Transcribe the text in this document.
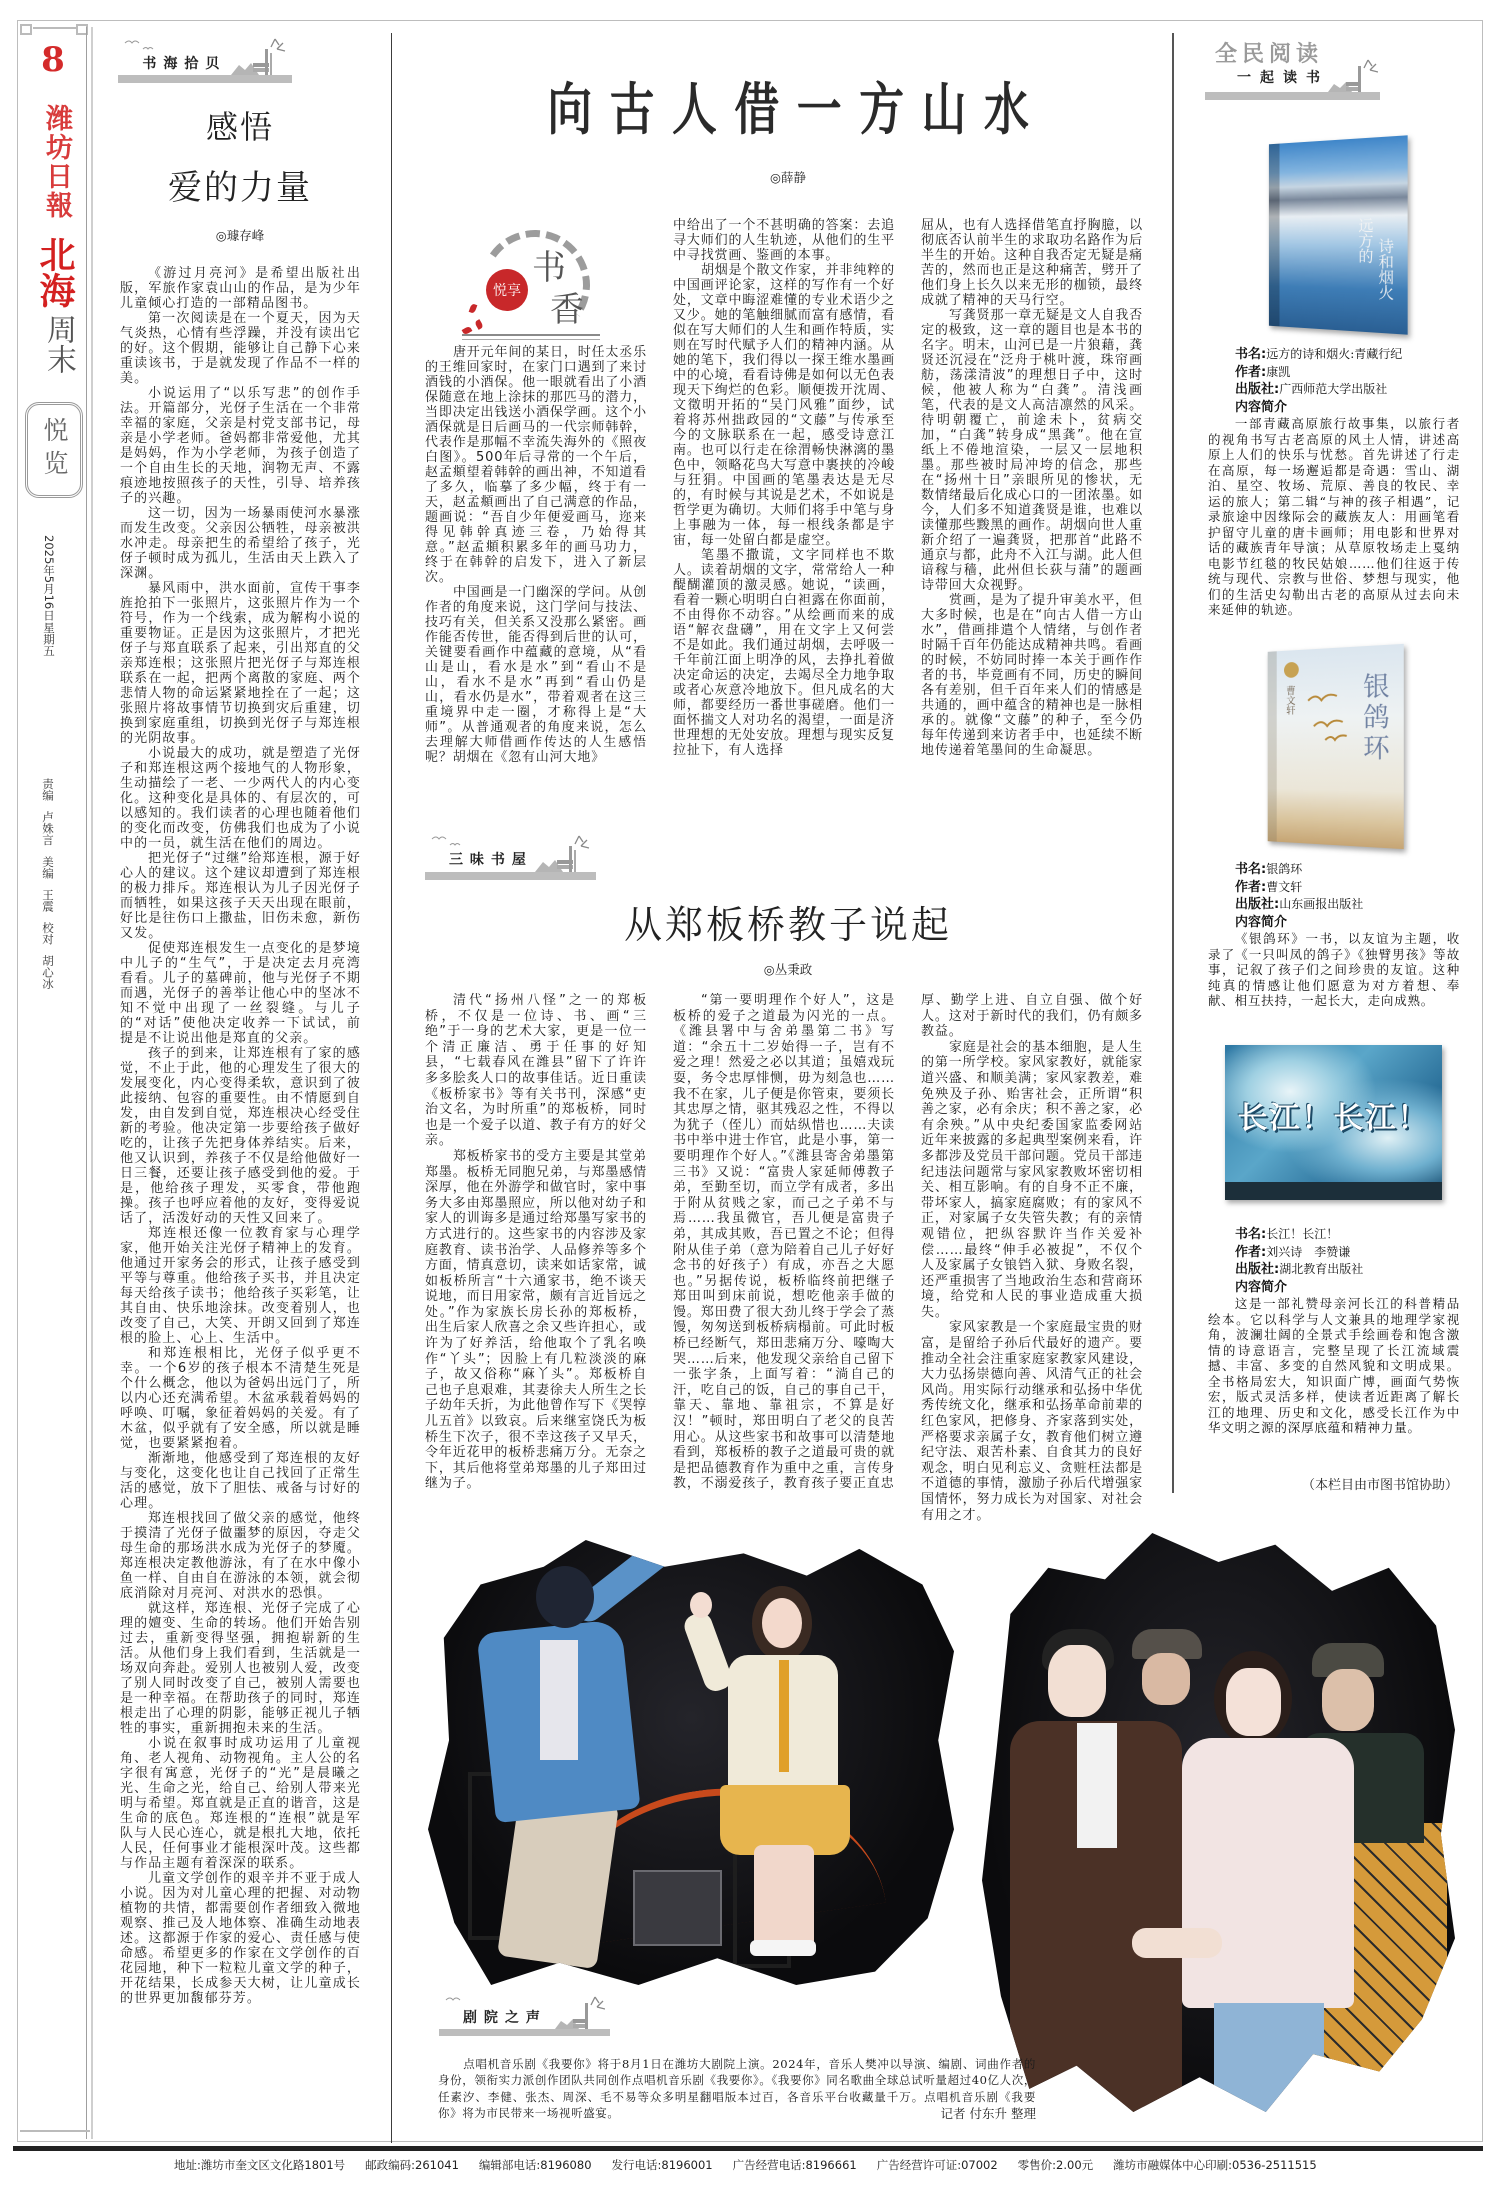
8
潍坊日報
北海
周末
悦览
2025年5月16日
星期五
责编
卢姝言
美编
王震
校对
胡心冰
书海拾贝
感悟
爱的力量
◎璩存峰

《游过月亮河》是希望出版社出版，军旅作家袁山山的作品，是为少年儿童倾心打造的一部精品图书。

第一次阅读是在一个夏天，因为天气炎热，心情有些浮躁，并没有读出它的好。这个假期，能够让自己静下心来重读该书，于是就发现了作品不一样的美。

小说运用了“以乐写悲”的创作手法。开篇部分，光伢子生活在一个非常幸福的家庭，父亲是村党支部书记，母亲是小学老师。爸妈都非常爱他，尤其是妈妈，作为小学老师，为孩子创造了一个自由生长的天地，润物无声、不露痕迹地按照孩子的天性，引导、培养孩子的兴趣。

这一切，因为一场暴雨使河水暴涨而发生改变。父亲因公牺牲，母亲被洪水冲走。母亲把生的希望给了孩子，光伢子顿时成为孤儿，生活由天上跌入了深渊。

暴风雨中，洪水面前，宣传干事李旌抢拍下一张照片，这张照片作为一个符号，作为一个线索，成为解构小说的重要物证。正是因为这张照片，才把光伢子与郑直联系了起来，引出郑直的父亲郑连根；这张照片把光伢子与郑连根联系在一起，把两个离散的家庭、两个悲情人物的命运紧紧地拴在了一起；这张照片将故事情节切换到灾后重建，切换到家庭重组，切换到光伢子与郑连根的光阴故事。

小说最大的成功，就是塑造了光伢子和郑连根这两个接地气的人物形象，生动描绘了一老、一少两代人的内心变化。这种变化是具体的、有层次的，可以感知的。我们读者的心理也随着他们的变化而改变，仿佛我们也成为了小说中的一员，就生活在他们的周边。

把光伢子“过继”给郑连根，源于好心人的建议。这个建议却遭到了郑连根的极力排斥。郑连根认为儿子因光伢子而牺牲，如果这孩子天天出现在眼前，好比是往伤口上撒盐，旧伤未愈，新伤又发。

促使郑连根发生一点变化的是梦境中儿子的“生气”，于是决定去月亮湾看看。儿子的墓碑前，他与光伢子不期而遇，光伢子的善举让他心中的坚冰不知不觉中出现了一丝裂缝。与儿子的“对话”使他决定收养一下试试，前提是不让说出他是郑直的父亲。

孩子的到来，让郑连根有了家的感觉，不止于此，他的心理发生了很大的发展变化，内心变得柔软，意识到了彼此接纳、包容的重要性。由不情愿到自发，由自发到自觉，郑连根决心经受住新的考验。他决定第一步要给孩子做好吃的，让孩子先把身体养结实。后来，他又认识到，养孩子不仅是给他做好一日三餐，还要让孩子感受到他的爱。于是，他给孩子理发，买零食，带他跑操。孩子也呼应着他的友好，变得爱说话了，活泼好动的天性又回来了。

郑连根还像一位教育家与心理学家，他开始关注光伢子精神上的发育。他通过开家务会的形式，让孩子感受到平等与尊重。他给孩子买书，并且决定每天给孩子读书；他给孩子买彩笔，让其自由、快乐地涂抹。改变着别人，也改变了自己，大笑、开朗又回到了郑连根的脸上、心上、生活中。

和郑连根相比，光伢子似乎更不幸。一个6岁的孩子根本不清楚生死是个什么概念，他以为爸妈出远门了，所以内心还充满希望。木盆承载着妈妈的呼唤、叮嘱，象征着妈妈的关爱。有了木盆，似乎就有了安全感，所以就是睡觉，也要紧紧抱着。

渐渐地，他感受到了郑连根的友好与变化，这变化也让自己找回了正常生活的感觉，放下了胆怯、戒备与讨好的心理。

郑连根找回了做父亲的感觉，他终于摸清了光伢子做噩梦的原因，夺走父母生命的那场洪水成为光伢子的梦魇。郑连根决定教他游泳，有了在水中像小鱼一样、自由自在游泳的本领，就会彻底消除对月亮河、对洪水的恐惧。

就这样，郑连根、光伢子完成了心理的嬗变、生命的转场。他们开始告别过去，重新变得坚强，拥抱崭新的生活。从他们身上我们看到，生活就是一场双向奔赴。爱别人也被别人爱，改变了别人同时改变了自己，被别人需要也是一种幸福。在帮助孩子的同时，郑连根走出了心理的阴影，能够正视儿子牺牲的事实，重新拥抱未来的生活。

小说在叙事时成功运用了儿童视角、老人视角、动物视角。主人公的名字很有寓意，光伢子的“光”是晨曦之光、生命之光，给自己、给别人带来光明与希望。郑直就是正直的谐音，这是生命的底色。郑连根的“连根”就是军队与人民心连心，就是根扎大地，依托人民，任何事业才能根深叶茂。这些都与作品主题有着深深的联系。

儿童文学创作的艰辛并不亚于成人小说。因为对儿童心理的把握、对动物植物的共情，都需要创作者细致入微地观察、推己及人地体察、准确生动地表述。这都源于作家的爱心、责任感与使命感。希望更多的作家在文学创作的百花园地，种下一粒粒儿童文学的种子，开花结果，长成参天大树，让儿童成长的世界更加馥郁芬芳。

向古人借一方山水
◎薛静
悦享
书
香

唐开元年间的某日，时任太丞乐的王维回家时，在家门口遇到了来讨酒钱的小酒保。他一眼就看出了小酒保随意在地上涂抹的那匹马的潜力，当即决定出钱送小酒保学画。这个小酒保就是日后画马的一代宗师韩幹，代表作是那幅不幸流失海外的《照夜白图》。500年后寻常的一个午后，赵孟頫望着韩幹的画出神，不知道看了多久，临摹了多少幅，终于有一天，赵孟頫画出了自己满意的作品，题画说：“吾自少年便爱画马，迩来得见韩幹真迹三卷，乃始得其意。”赵孟頫积累多年的画马功力，终于在韩幹的启发下，进入了新层次。

中国画是一门幽深的学问。从创作者的角度来说，这门学问与技法、技巧有关，但关系又没那么紧密。画作能否传世，能否得到后世的认可，关键要看画作中蕴藏的意境，从“看山是山，看水是水”到“看山不是山，看水不是水”再到“看山仍是山，看水仍是水”，带着观者在这三重境界中走一圈，才称得上是“大师”。从普通观者的角度来说，怎么去理解大师借画作传达的人生感悟呢？胡烟在《忽有山河大地》

中给出了一个不甚明确的答案：去追寻大师们的人生轨迹，从他们的生平中寻找赏画、鉴画的本事。

胡烟是个散文作家，并非纯粹的中国画评论家，这样的写作有一个好处，文章中晦涩难懂的专业术语少之又少。她的笔触细腻而富有感情，看似在写大师们的人生和画作特质，实则在写时代赋予人们的精神内涵。从她的笔下，我们得以一探王维水墨画中的心境，看看诗佛是如何以无色表现天下绚烂的色彩。顺便拨开沈周、文徵明开拓的“吴门风雅”面纱，试着将苏州拙政园的“文藤”与传承至今的文脉联系在一起，感受诗意江南。也可以行走在徐渭畅快淋漓的墨色中，领略花鸟大写意中裹挟的冷峻与狂狷。中国画的笔墨表达是无尽的，有时候与其说是艺术，不如说是哲学更为确切。大师们将手中笔与身上事融为一体，每一根线条都是宇宙，每一处留白都是虚空。

笔墨不撒谎，文字同样也不欺人。读着胡烟的文字，常常给人一种醍醐灌顶的激灵感。她说，“读画，看着一颗心明明白白袒露在你面前，不由得你不动容。”从绘画而来的成语“解衣盘礴”，用在文字上又何尝不是如此。我们通过胡烟，去呼吸一千年前江面上明净的风，去挣扎着做决定命运的决定，去竭尽全力地争取或者心灰意冷地放下。但凡成名的大师，都要经历一番世事磋磨。他们一面怀揣文人对功名的渴望，一面是济世理想的无处安放。理想与现实反复拉扯下，有人选择

屈从，也有人选择借笔直抒胸臆，以彻底否认前半生的求取功名路作为后半生的开始。这种自我否定无疑是痛苦的，然而也正是这种痛苦，劈开了他们身上长久以来无形的枷锁，最终成就了精神的天马行空。

写龚贤那一章无疑是文人自我否定的极致，这一章的题目也是本书的名字。明末，山河已是一片狼藉，龚贤还沉浸在“泛舟于桃叶渡，珠帘画舫，荡漾清波”的理想日子中，这时候，他被人称为“白龚”。清浅画笔，代表的是文人高洁凛然的风采。待明朝覆亡，前途未卜，贫病交加，“白龚”转身成“黑龚”。他在宣纸上不倦地渲染，一层又一层地积墨。那些被时局冲垮的信念，那些在“扬州十日”亲眼所见的惨状，无数情绪最后化成心口的一团浓墨。如今，人们多不知道龚贤是谁，也难以读懂那些黢黑的画作。胡烟向世人重新介绍了一遍龚贤，把那首“此路不通京与都，此舟不入江与湖。此人但谙稼与穑，此州但长荻与蒲”的题画诗带回大众视野。

赏画，是为了提升审美水平，但大多时候，也是在“向古人借一方山水”，借画排遣个人情绪，与创作者时隔千百年仍能达成精神共鸣。看画的时候，不妨同时捧一本关于画作作者的书，毕竟画有不同，历史的瞬间各有差别，但千百年来人们的情感是共通的，画中蕴含的精神也是一脉相承的。就像“文藤”的种子，至今仍每年传递到来访者手中，也延续不断地传递着笔墨间的生命凝思。

三味书屋
从郑板桥教子说起
◎丛秉政

清代“扬州八怪”之一的郑板桥，不仅是一位诗、书、画“三绝”于一身的艺术大家，更是一位一个清正廉洁、勇于任事的好知县，“七载春风在潍县”留下了许许多多脍炙人口的故事佳话。近日重读《板桥家书》等有关书刊，深感“吏治文名，为时所重”的郑板桥，同时也是一个爱子以道、教子有方的好父亲。

郑板桥家书的受方主要是其堂弟郑墨。板桥无同胞兄弟，与郑墨感情深厚，他在外游学和做官时，家中事务大多由郑墨照应，所以他对幼子和家人的训诲多是通过给郑墨写家书的方式进行的。这些家书的内容涉及家庭教育、读书治学、人品修养等多个方面，情真意切，读来如话家常，诚如板桥所言“十六通家书，绝不谈天说地，而日用家常，颇有言近旨远之处。”作为家族长房长孙的郑板桥，出生后家人欣喜之余又些许担心，或许为了好养活，给他取个了乳名唤作“丫头”；因脸上有几粒淡淡的麻子，故又俗称“麻丫头”。郑板桥自己也子息艰难，其妻徐夫人所生之长子幼年夭折，为此他曾作写下《哭犉儿五首》以致哀。后来继室饶氏为板桥生下次子，很不幸这孩子又早夭，令年近花甲的板桥悲痛万分。无奈之下，其后他将堂弟郑墨的儿子郑田过继为子。

“第一要明理作个好人”，这是板桥的爱子之道最为闪光的一点。《潍县署中与舍弟墨第二书》写道：“余五十二岁始得一子，岂有不爱之理！然爱之必以其道；虽嬉戏玩耍，务令忠厚悱恻，毋为刻急也……我不在家，儿子便是你管束，要须长其忠厚之情，驱其残忍之性，不得以为犹子（侄儿）而姑纵惜也……夫读书中举中进士作官，此是小事，第一要明理作个好人。”《潍县寄舍弟墨第三书》又说：“富贵人家延师傅教子弟，至勤至切，而立学有成者，多出于附从贫贱之家，而己之子弟不与焉……我虽微官，吾儿便是富贵子弟，其成其败，吾已置之不论；但得附从佳子弟（意为陪着自己儿子好好念书的好孩子）有成，亦吾之大愿也。”另据传说，板桥临终前把继子郑田叫到床前说，想吃他亲手做的馒。郑田费了很大劲儿终于学会了蒸馒，匆匆送到板桥病榻前。可此时板桥已经断气，郑田悲痛万分、嚎啕大哭……后来，他发现父亲给自己留下一张字条，上面写着：“淌自己的汗，吃自己的饭，自己的事自己干，靠天、靠地、靠祖宗，不算是好汉！”顿时，郑田明白了老父的良苦用心。从这些家书和故事可以清楚地看到，郑板桥的教子之道最可贵的就是把品德教育作为重中之重，言传身教，不溺爱孩子，教育孩子要正直忠

厚、勤学上进、自立自强、做个好人。这对于新时代的我们，仍有颇多教益。

家庭是社会的基本细胞，是人生的第一所学校。家风家教好，就能家道兴盛、和顺美满；家风家教差，难免殃及子孙、贻害社会，正所谓“积善之家，必有余庆；积不善之家，必有余殃。”从中央纪委国家监委网站近年来披露的多起典型案例来看，许多都涉及党员干部问题。党员干部违纪违法问题常与家风家教败坏密切相关、相互影响。有的自身不正不廉，带坏家人，搞家庭腐败；有的家风不正，对家属子女失管失教；有的亲情观错位，把纵容默许当作关爱补偿……最终“伸手必被捉”，不仅个人及家属子女锒铛入狱、身败名裂，还严重损害了当地政治生态和营商环境，给党和人民的事业造成重大损失。

家风家教是一个家庭最宝贵的财富，是留给子孙后代最好的遗产。要推动全社会注重家庭家教家风建设，大力弘扬崇德向善、风清气正的社会风尚。用实际行动继承和弘扬中华优秀传统文化，继承和弘扬革命前辈的红色家风，把修身、齐家落到实处，严格要求亲属子女，教育他们树立遵纪守法、艰苦朴素、自食其力的良好观念，明白见利忘义、贪赃枉法都是不道德的事情，激励子孙后代增强家国情怀，努力成长为对国家、对社会有用之才。

全民阅读
一起读书
远方的 诗和烟火
书名:远方的诗和烟火:青藏行纪
作者:康凯
出版社:广西师范大学出版社
内容简介

一部青藏高原旅行故事集，以旅行者的视角书写古老高原的风土人情，讲述高原上人们的快乐与忧愁。首先讲述了行走在高原，每一场邂逅都是奇遇：雪山、湖泊、星空、牧场、荒原、善良的牧民、幸运的旅人；第二辑“与神的孩子相遇”，记录旅途中因缘际会的藏族友人：用画笔看护留守儿童的唐卡画师；用电影和世界对话的藏族青年导演；从草原牧场走上戛纳电影节红毯的牧民姑娘……他们往返于传统与现代、宗教与世俗、梦想与现实，他们的生活史勾勒出古老的高原从过去向未来延伸的轨迹。

曹文轩 银鸽环
书名:银鸽环
作者:曹文轩
出版社:山东画报出版社
内容简介

《银鸽环》一书，以友谊为主题，收录了《一只叫凤的鸽子》《独臂男孩》等故事，记叙了孩子们之间珍贵的友谊。这种纯真的情感让他们愿意为对方着想、奉献、相互扶持，一起长大，走向成熟。

长江！长江！
书名:长江！长江！
作者:刘兴诗　李赞谦
出版社:湖北教育出版社
内容简介

这是一部礼赞母亲河长江的科普精品绘本。它以科学与人文兼具的地理学家视角，波澜壮阔的全景式手绘画卷和饱含激情的诗意语言，完整呈现了长江流域震撼、丰富、多变的自然风貌和文明成果。全书格局宏大，知识面广博，画面气势恢宏，版式灵活多样，使读者近距离了解长江的地理、历史和文化，感受长江作为中华文明之源的深厚底蕴和精神力量。

（本栏目由市图书馆协助）
剧院之声

点唱机音乐剧《我要你》将于8月1日在潍坊大剧院上演。2024年，音乐人樊冲以导演、编剧、词曲作者的身份，领衔实力派创作团队共同创作点唱机音乐剧《我要你》。《我要你》同名歌曲全球总试听量超过40亿人次，任素汐、李健、张杰、周深、毛不易等众多明星翻唱版本过百，各音乐平台收藏量千万。点唱机音乐剧《我要你》将为市民带来一场视听盛宴。	记者 付东升 整理
地址:潍坊市奎文区文化路1801号 邮政编码:261041 编辑部电话:8196080 发行电话:8196001 广告经营电话:8196661 广告经营许可证:07002 零售价:2.00元 潍坊市融媒体中心印刷:0536-2511515
